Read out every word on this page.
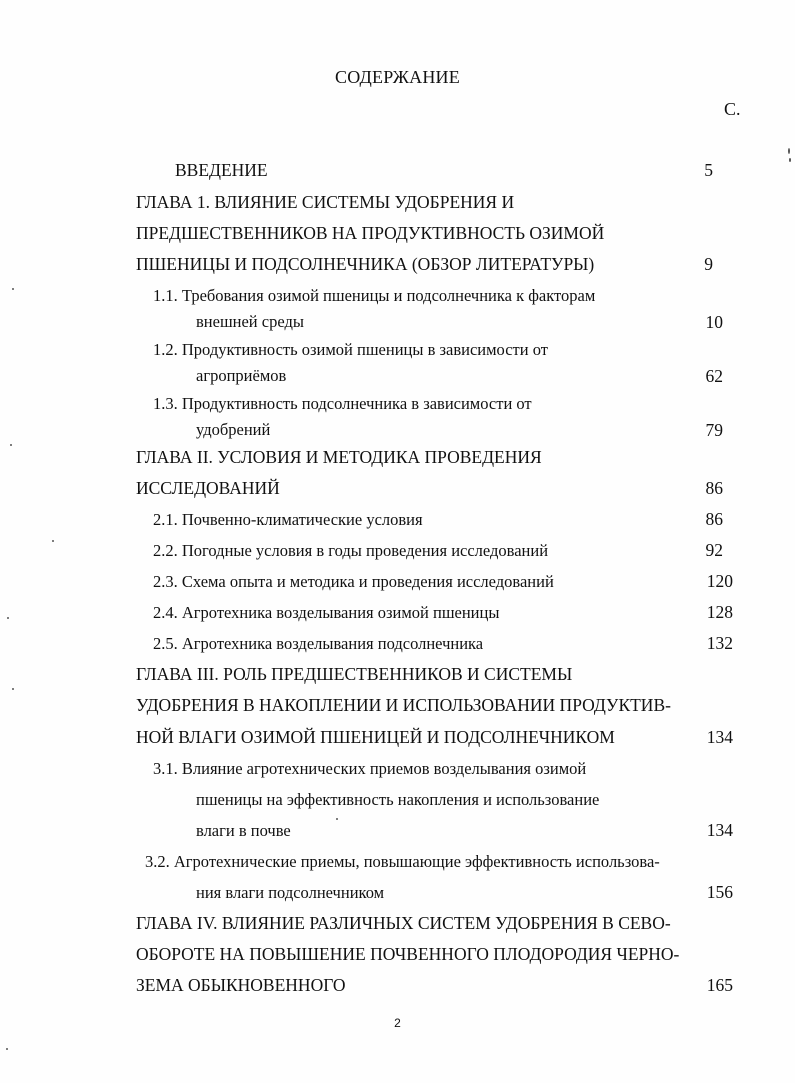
СОДЕРЖАНИЕ
С.
ВВЕДЕНИЕ	5
ГЛАВА 1. ВЛИЯНИЕ СИСТЕМЫ УДОБРЕНИЯ И
ПРЕДШЕСТВЕННИКОВ НА ПРОДУКТИВНОСТЬ ОЗИМОЙ
ПШЕНИЦЫ И ПОДСОЛНЕЧНИКА (ОБЗОР ЛИТЕРАТУРЫ)	9
1.1. Требования озимой пшеницы и подсолнечника к факторам
внешней среды	10
1.2. Продуктивность озимой пшеницы в зависимости от
агроприёмов	62
1.3. Продуктивность подсолнечника в зависимости от
удобрений	79
ГЛАВА II. УСЛОВИЯ И МЕТОДИКА ПРОВЕДЕНИЯ
ИССЛЕДОВАНИЙ	86
2.1. Почвенно-климатические условия	86
2.2. Погодные условия в годы проведения исследований	92
2.3. Схема опыта и методика и проведения исследований	120
2.4. Агротехника возделывания озимой пшеницы	128
2.5. Агротехника возделывания подсолнечника	132
ГЛАВА III. РОЛЬ ПРЕДШЕСТВЕННИКОВ И СИСТЕМЫ
УДОБРЕНИЯ В НАКОПЛЕНИИ И ИСПОЛЬЗОВАНИИ ПРОДУКТИВ-
НОЙ ВЛАГИ ОЗИМОЙ ПШЕНИЦЕЙ И ПОДСОЛНЕЧНИКОМ	134
3.1. Влияние агротехнических приемов возделывания озимой
пшеницы на эффективность накопления и использование
влаги в почве	134
3.2. Агротехнические приемы, повышающие эффективность использова-
ния влаги подсолнечником	156
ГЛАВА IV. ВЛИЯНИЕ РАЗЛИЧНЫХ СИСТЕМ УДОБРЕНИЯ В СЕВО-
ОБОРОТЕ НА ПОВЫШЕНИЕ ПОЧВЕННОГО ПЛОДОРОДИЯ ЧЕРНО-
ЗЕМА ОБЫКНОВЕННОГО	165
2
